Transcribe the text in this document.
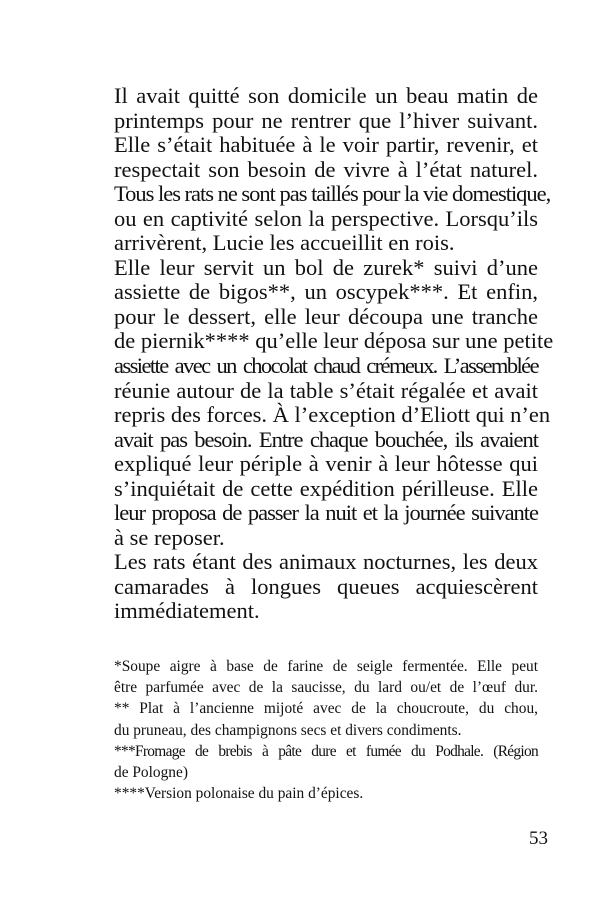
Il avait quitté son domicile un beau matin de
printemps pour ne rentrer que l’hiver suivant.
Elle s’était habituée à le voir partir, revenir, et
respectait son besoin de vivre à l’état naturel.
Tous les rats ne sont pas taillés pour la vie domestique,
ou en captivité selon la perspective. Lorsqu’ils
arrivèrent, Lucie les accueillit en rois.
Elle leur servit un bol de zurek* suivi d’une
assiette de bigos**, un oscypek***. Et enfin,
pour le dessert, elle leur découpa une tranche
de piernik**** qu’elle leur déposa sur une petite
assiette avec un chocolat chaud crémeux. L’assemblée
réunie autour de la table s’était régalée et avait
repris des forces. À l’exception d’Eliott qui n’en
avait pas besoin. Entre chaque bouchée, ils avaient
expliqué leur périple à venir à leur hôtesse qui
s’inquiétait de cette expédition périlleuse. Elle
leur proposa de passer la nuit et la journée suivante
à se reposer.
Les rats étant des animaux nocturnes, les deux
camarades à longues queues acquiescèrent
immédiatement.
*Soupe aigre à base de farine de seigle fermentée. Elle peut
être parfumée avec de la saucisse, du lard ou/et de l’œuf dur.
** Plat à l’ancienne mijoté avec de la choucroute, du chou,
du pruneau, des champignons secs et divers condiments.
***Fromage de brebis à pâte dure et fumée du Podhale. (Région
de Pologne)
****Version polonaise du pain d’épices.
53
